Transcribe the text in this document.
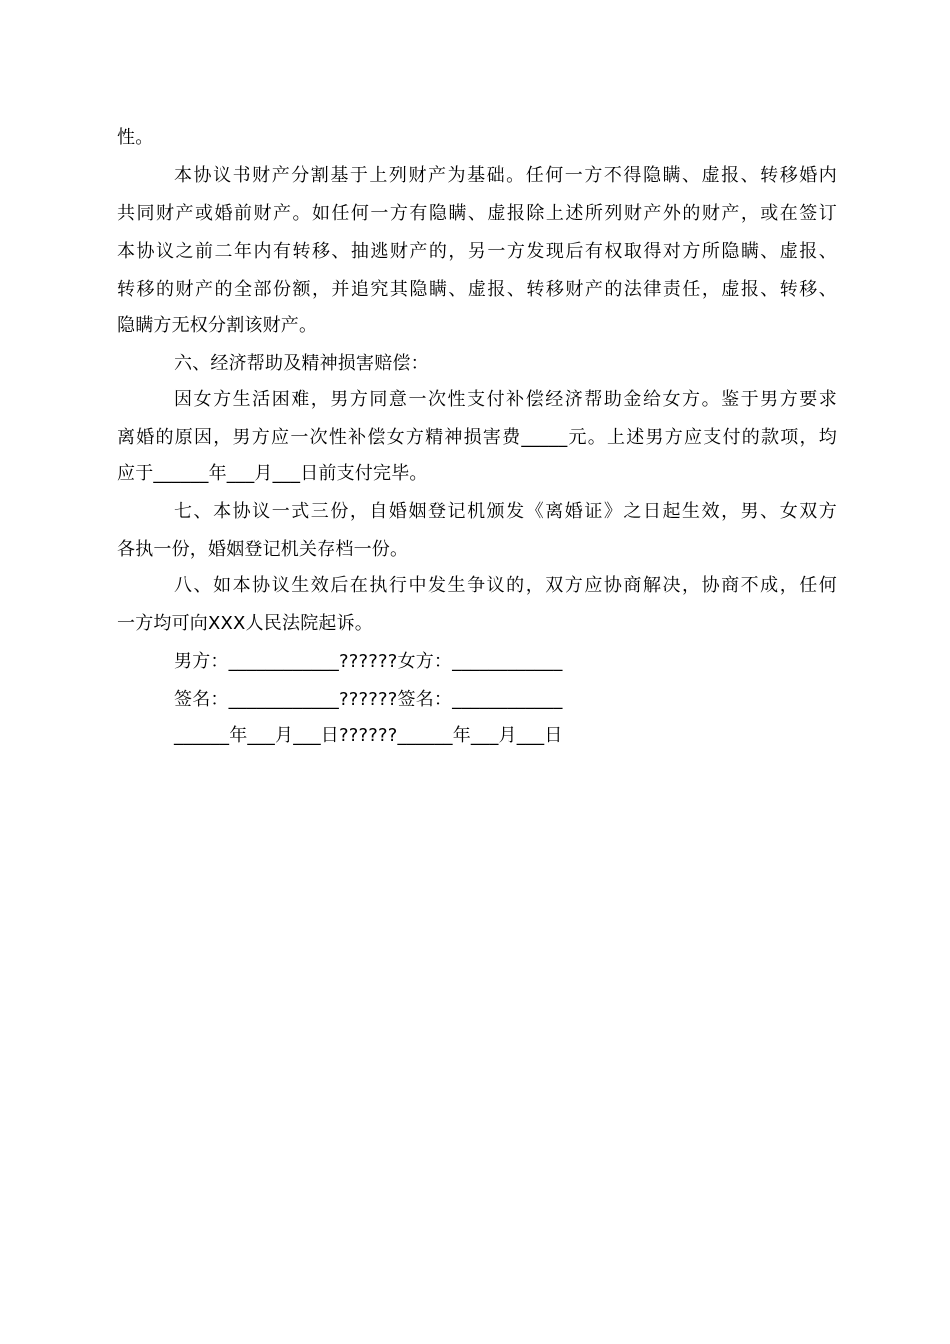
性。
本协议书财产分割基于上列财产为基础。任何一方不得隐瞒、虚报、转移婚内
共同财产或婚前财产。如任何一方有隐瞒、虚报除上述所列财产外的财产，或在签订
本协议之前二年内有转移、抽逃财产的，另一方发现后有权取得对方所隐瞒、虚报、
转移的财产的全部份额，并追究其隐瞒、虚报、转移财产的法律责任，虚报、转移、
隐瞒方无权分割该财产。
六、经济帮助及精神损害赔偿：
因女方生活困难，男方同意一次性支付补偿经济帮助金给女方。鉴于男方要求
离婚的原因，男方应一次性补偿女方精神损害费_____元。上述男方应支付的款项，均
应于______年___月___日前支付完毕。
七、本协议一式三份，自婚姻登记机颁发《离婚证》之日起生效，男、女双方
各执一份，婚姻登记机关存档一份。
八、如本协议生效后在执行中发生争议的，双方应协商解决，协商不成，任何
一方均可向XXX人民法院起诉。
男方：____________??????女方：____________
签名：____________??????签名：____________
______年___月___日??????______年___月___日
